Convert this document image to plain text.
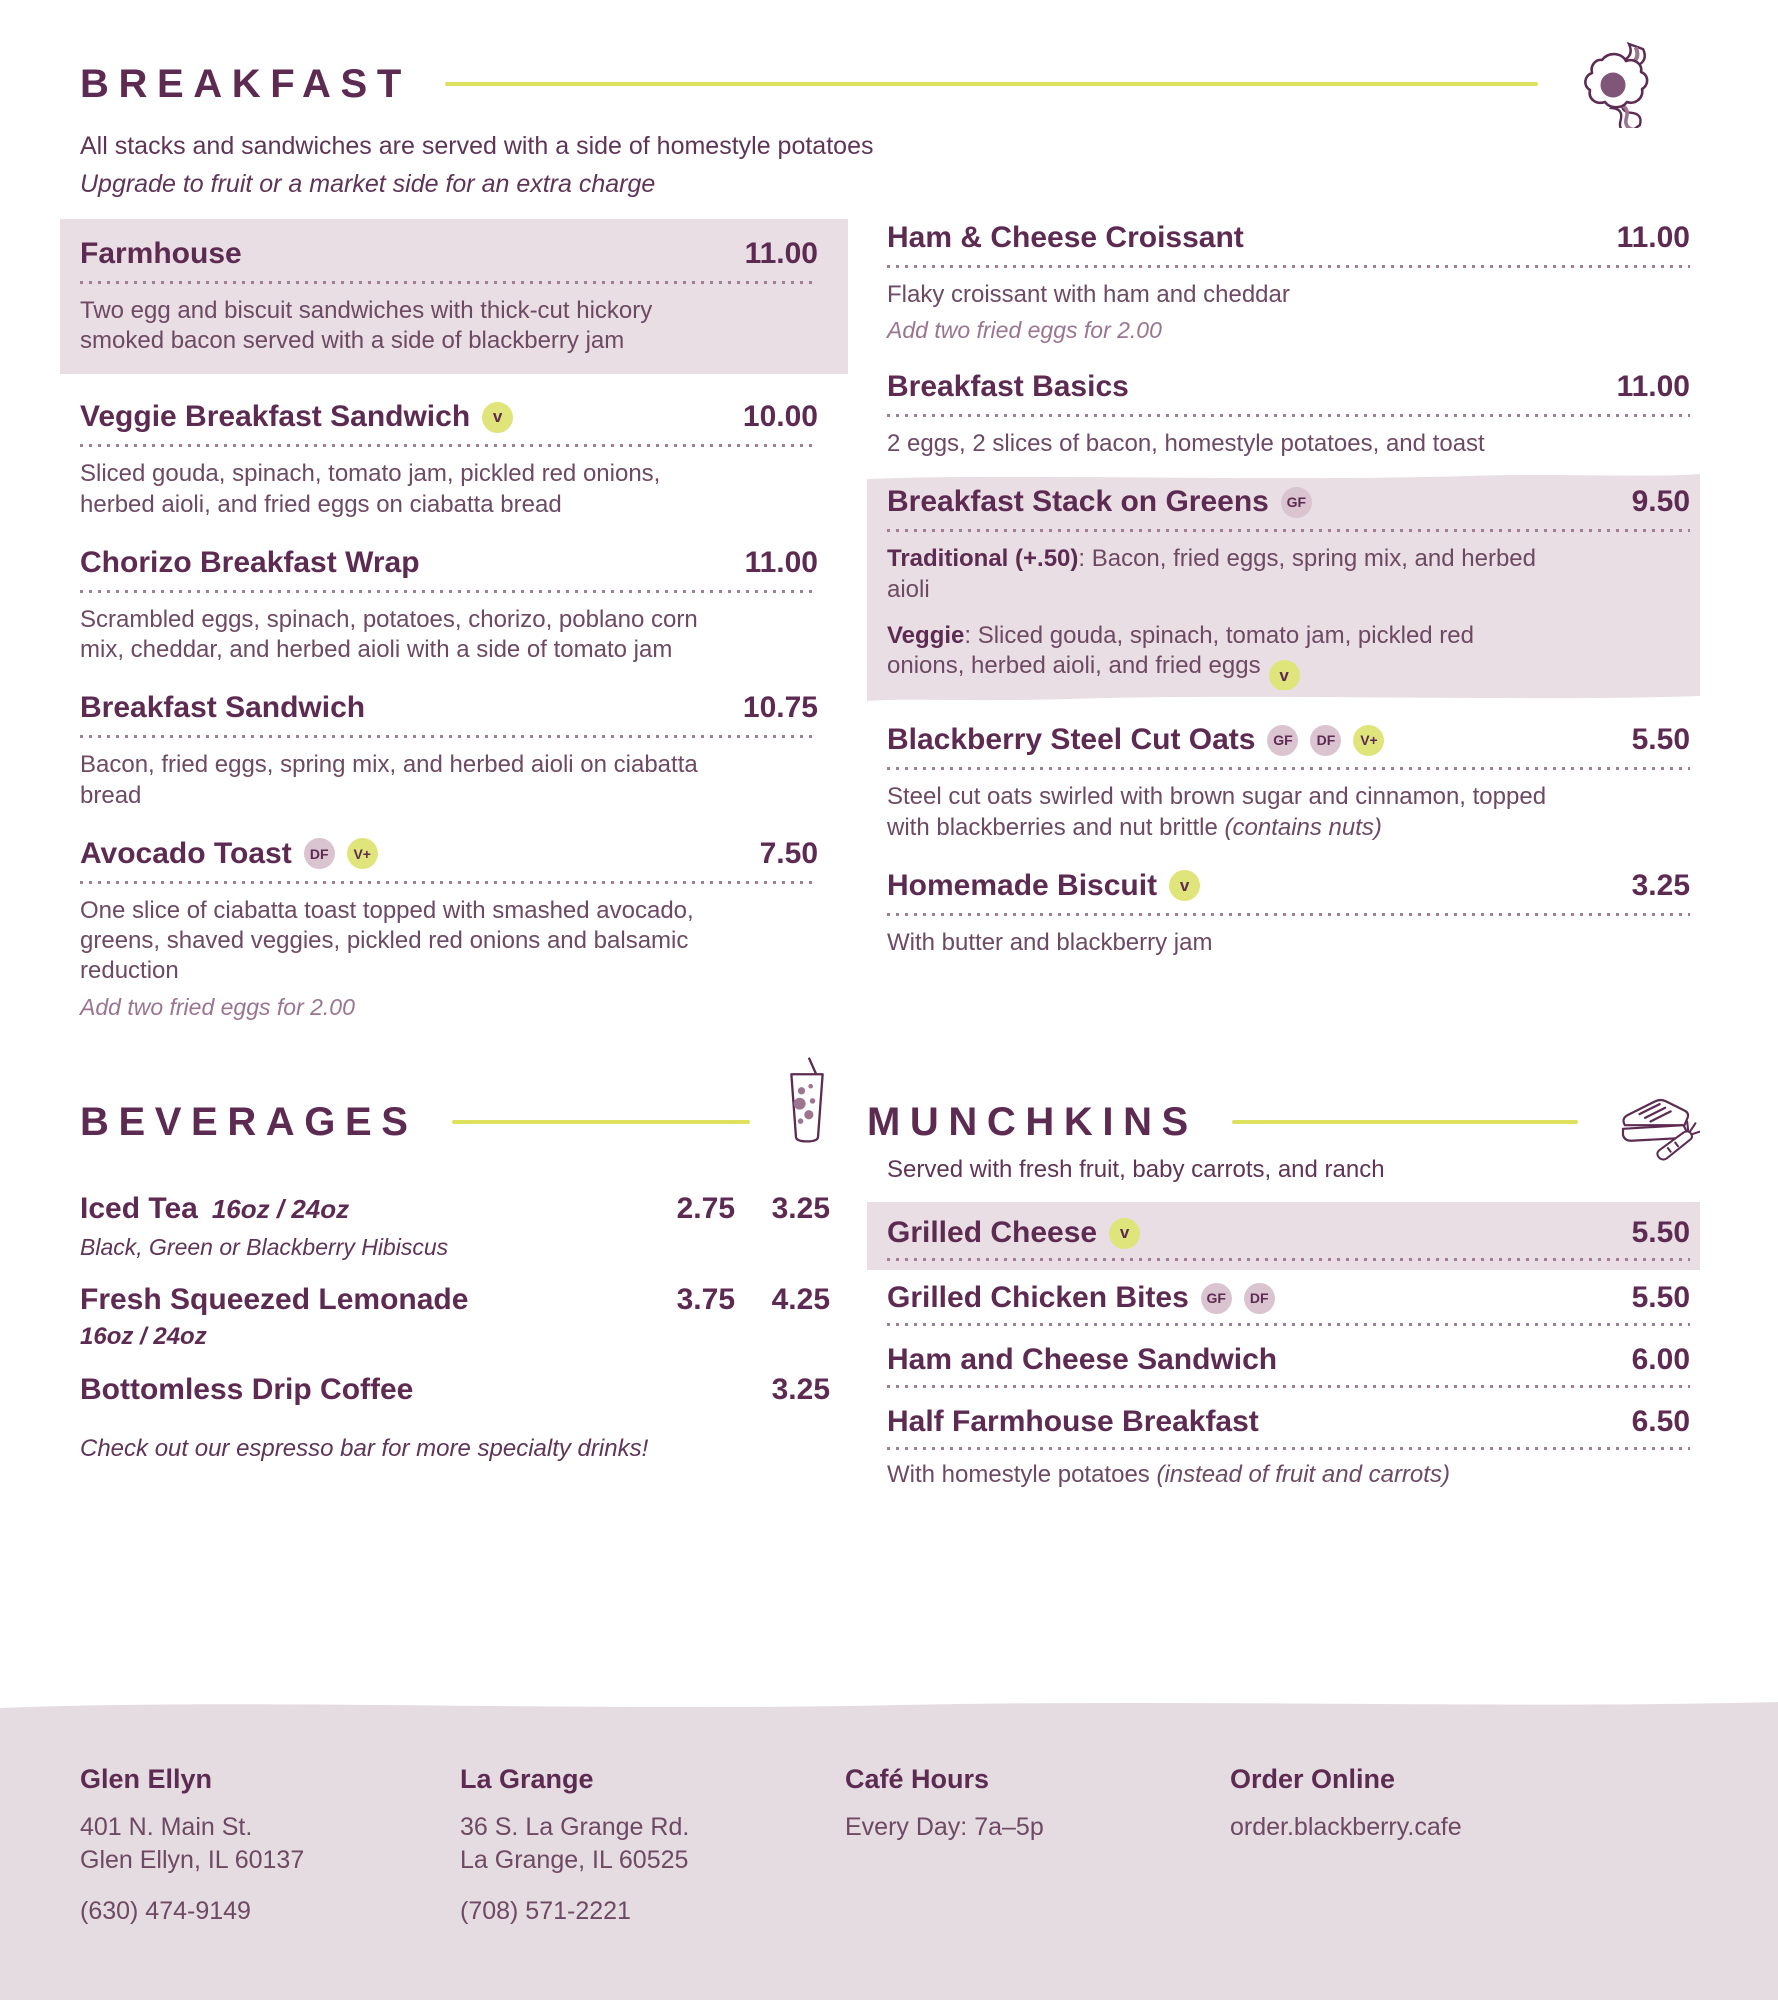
BREAKFAST

All stacks and sandwiches are served with a side of homestyle potatoes

Upgrade to fruit or a market side for an extra charge

Farmhouse	11.00

Two egg and biscuit sandwiches with thick-cut hickory smoked bacon served with a side of blackberry jam

Veggie Breakfast Sandwich	v	10.00

Sliced gouda, spinach, tomato jam, pickled red onions, herbed aioli, and fried eggs on ciabatta bread

Chorizo Breakfast Wrap	11.00

Scrambled eggs, spinach, potatoes, chorizo, poblano corn mix, cheddar, and herbed aioli with a side of tomato jam

Breakfast Sandwich	10.75

Bacon, fried eggs, spring mix, and herbed aioli on ciabatta bread

Avocado Toast	DF	V+	7.50

One slice of ciabatta toast topped with smashed avocado, greens, shaved veggies, pickled red onions and balsamic reduction

Add two fried eggs for 2.00

Ham & Cheese Croissant	11.00

Flaky croissant with ham and cheddar

Add two fried eggs for 2.00

Breakfast Basics	11.00

2 eggs, 2 slices of bacon, homestyle potatoes, and toast

Breakfast Stack on Greens	GF	9.50

Traditional (+.50): Bacon, fried eggs, spring mix, and herbed aioli

Veggie: Sliced gouda, spinach, tomato jam, pickled red onions, herbed aioli, and fried eggs v

Blackberry Steel Cut Oats	GF	DF	V+	5.50

Steel cut oats swirled with brown sugar and cinnamon, topped with blackberries and nut brittle (contains nuts)

Homemade Biscuit	v	3.25

With butter and blackberry jam

BEVERAGES
Iced Tea 16oz / 24oz	2.75	3.25

Black, Green or Blackberry Hibiscus

Fresh Squeezed Lemonade	3.75	4.25

16oz / 24oz

Bottomless Drip Coffee	3.25

Check out our espresso bar for more specialty drinks!

MUNCHKINS

Served with fresh fruit, baby carrots, and ranch

Grilled Cheese	v	5.50
Grilled Chicken Bites	GF	DF	5.50
Ham and Cheese Sandwich	6.00
Half Farmhouse Breakfast	6.50

With homestyle potatoes (instead of fruit and carrots)

Glen Ellyn

401 N. Main St.

Glen Ellyn, IL 60137

(630) 474-9149

La Grange

36 S. La Grange Rd.

La Grange, IL 60525

(708) 571-2221

Café Hours

Every Day: 7a–5p

Order Online

order.blackberry.cafe
